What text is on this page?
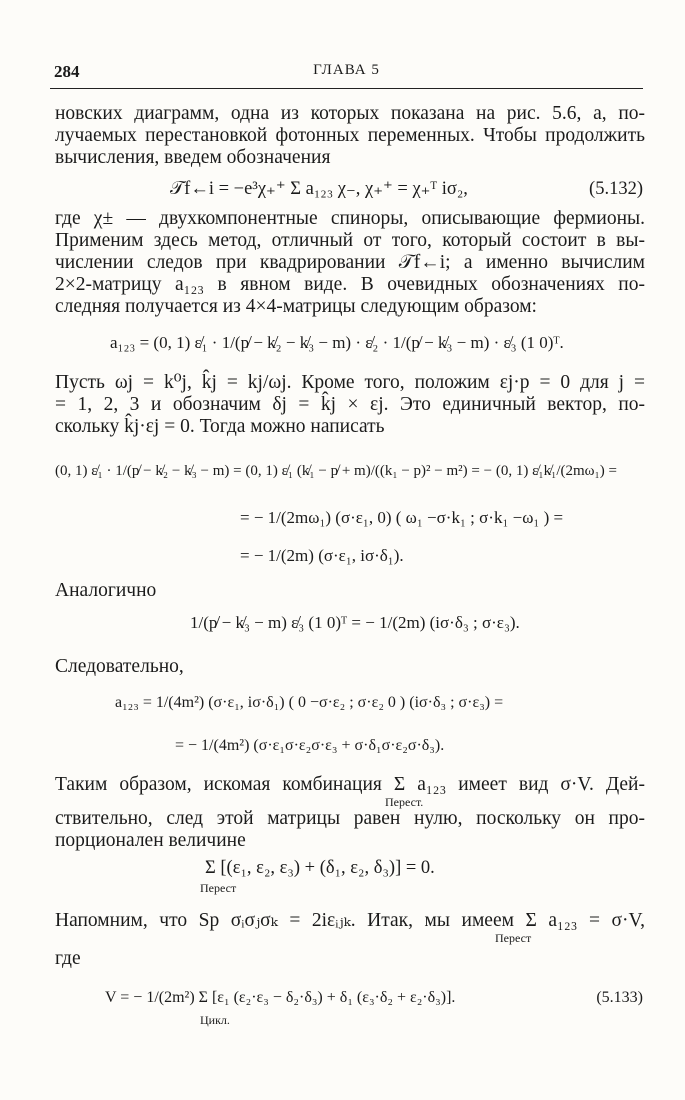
284	ГЛАВА 5

новских диаграмм, одна из которых показана на рис. 5.6, а, по-
лучаемых перестановкой фотонных переменных. Чтобы продолжить
вычисления, введем обозначения

𝒯f←i = −e³χ₊⁺ Σ a₁₂₃ χ₋, χ₊⁺ = χ₊ᵀ iσ₂,	(5.132)

где χ± — двухкомпонентные спиноры, описывающие фермионы.
Применим здесь метод, отличный от того, который состоит в вы-
числении следов при квадрировании 𝒯f←i; а именно вычислим
2×2-матрицу a₁₂₃ в явном виде. В очевидных обозначениях по-
следняя получается из 4×4-матрицы следующим образом:

a₁₂₃ = (0, 1) ε̸₁ · 1/(p̸ − k̸₂ − k̸₃ − m) · ε̸₂ · 1/(p̸ − k̸₃ − m) · ε̸₃ (1 0)ᵀ.

Пусть ωj = k⁰j, k̂j = kj/ωj. Кроме того, положим εj·p = 0 для j =
= 1, 2, 3 и обозначим δj = k̂j × εj. Это единичный вектор, по-
скольку k̂j·εj = 0. Тогда можно написать

(0, 1) ε̸₁ · 1/(p̸ − k̸₂ − k̸₃ − m) = (0, 1) ε̸₁ (k̸₁ − p̸ + m)/((k₁ − p)² − m²) = − (0, 1) ε̸₁k̸₁/(2mω₁) =
= − 1/(2mω₁) (σ·ε₁, 0) ( ω₁ −σ·k₁ ; σ·k₁ −ω₁ ) =
= − 1/(2m) (σ·ε₁, iσ·δ₁).

Аналогично

1/(p̸ − k̸₃ − m) ε̸₃ (1 0)ᵀ = − 1/(2m) (iσ·δ₃ ; σ·ε₃).

Следовательно,

a₁₂₃ = 1/(4m²) (σ·ε₁, iσ·δ₁) ( 0 −σ·ε₂ ; σ·ε₂ 0 ) (iσ·δ₃ ; σ·ε₃) =
= − 1/(4m²) (σ·ε₁σ·ε₂σ·ε₃ + σ·δ₁σ·ε₂σ·δ₃).

Таким образом, искомая комбинация Σ a₁₂₃ имеет вид σ·V. Дей-
Перест.
ствительно, след этой матрицы равен нулю, поскольку он про-
порционален величине

Σ [(ε₁, ε₂, ε₃) + (δ₁, ε₂, δ₃)] = 0.
Перест

Напомним, что Sp σᵢσⱼσₖ = 2iεᵢⱼₖ. Итак, мы имеем Σ a₁₂₃ = σ·V,
Перест

где

V = − 1/(2m²) Σ [ε₁ (ε₂·ε₃ − δ₂·δ₃) + δ₁ (ε₃·δ₂ + ε₂·δ₃)].
Цикл.
(5.133)
